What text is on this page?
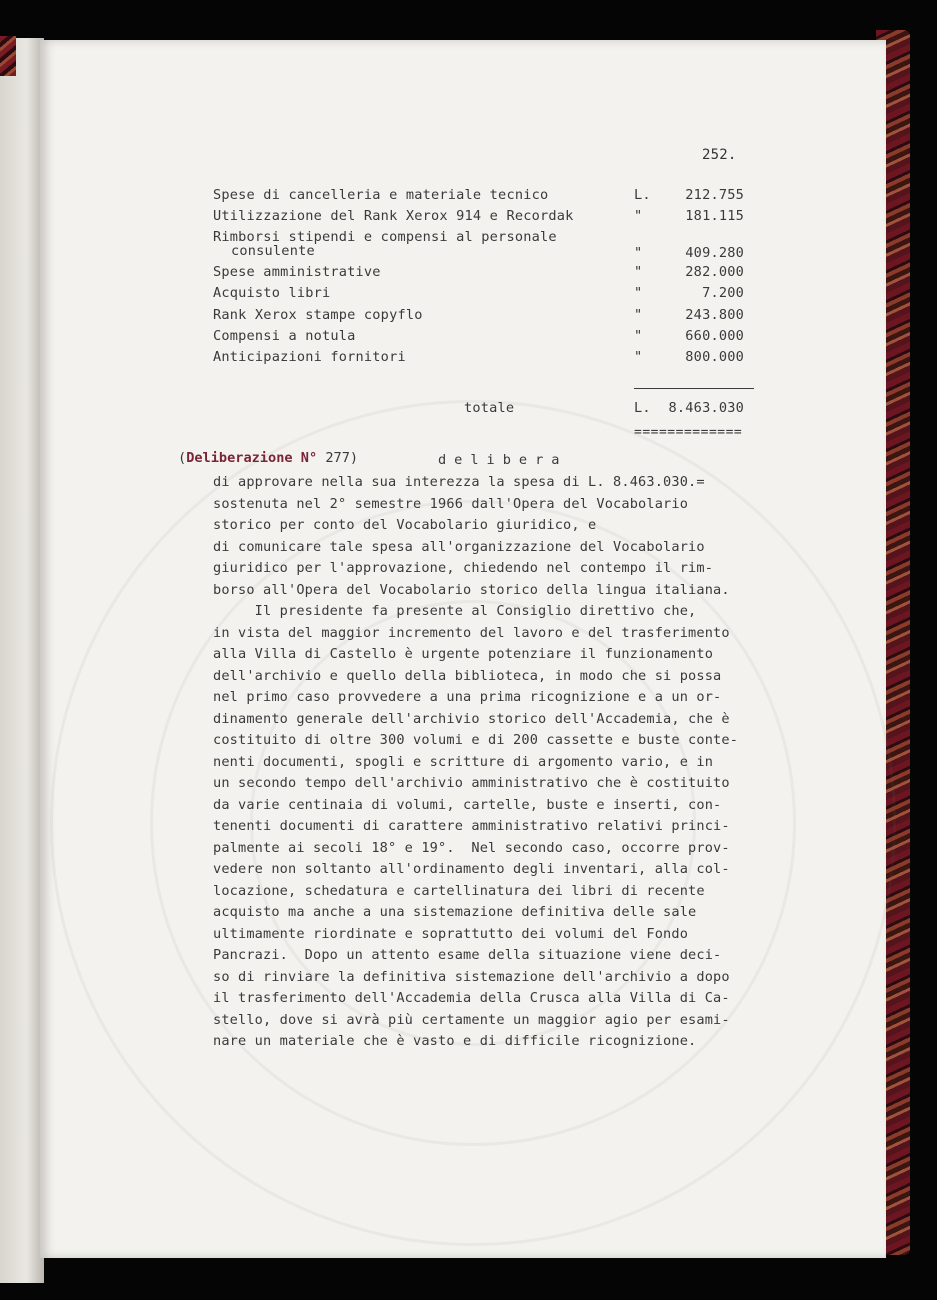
252.
Spese di cancelleria e materiale tecnico	L.	212.755
Utilizzazione del Rank Xerox 914 e Recordak	"	181.115
Rimborsi stipendi e compensi al personale
consulente	"	409.280
Spese amministrative	"	282.000
Acquisto libri	"	7.200
Rank Xerox stampe copyflo	"	243.800
Compensi a notula	"	660.000
Anticipazioni fornitori	"	800.000
totale	L.	8.463.030
=============
(Deliberazione N° 277)	delibera
di approvare nella sua interezza la spesa di L. 8.463.030.=
sostenuta nel 2° semestre 1966 dall'Opera del Vocabolario
storico per conto del Vocabolario giuridico, e
di comunicare tale spesa all'organizzazione del Vocabolario
giuridico per l'approvazione, chiedendo nel contempo il rim-
borso all'Opera del Vocabolario storico della lingua italiana.
Il presidente fa presente al Consiglio direttivo che,
in vista del maggior incremento del lavoro e del trasferimento
alla Villa di Castello è urgente potenziare il funzionamento
dell'archivio e quello della biblioteca, in modo che si possa
nel primo caso provvedere a una prima ricognizione e a un or-
dinamento generale dell'archivio storico dell'Accademia, che è
costituito di oltre 300 volumi e di 200 cassette e buste conte-
nenti documenti, spogli e scritture di argomento vario, e in
un secondo tempo dell'archivio amministrativo che è costituito
da varie centinaia di volumi, cartelle, buste e inserti, con-
tenenti documenti di carattere amministrativo relativi princi-
palmente ai secoli 18° e 19°.  Nel secondo caso, occorre prov-
vedere non soltanto all'ordinamento degli inventari, alla col-
locazione, schedatura e cartellinatura dei libri di recente
acquisto ma anche a una sistemazione definitiva delle sale
ultimamente riordinate e soprattutto dei volumi del Fondo
Pancrazi.  Dopo un attento esame della situazione viene deci-
so di rinviare la definitiva sistemazione dell'archivio a dopo
il trasferimento dell'Accademia della Crusca alla Villa di Ca-
stello, dove si avrà più certamente un maggior agio per esami-
nare un materiale che è vasto e di difficile ricognizione.
